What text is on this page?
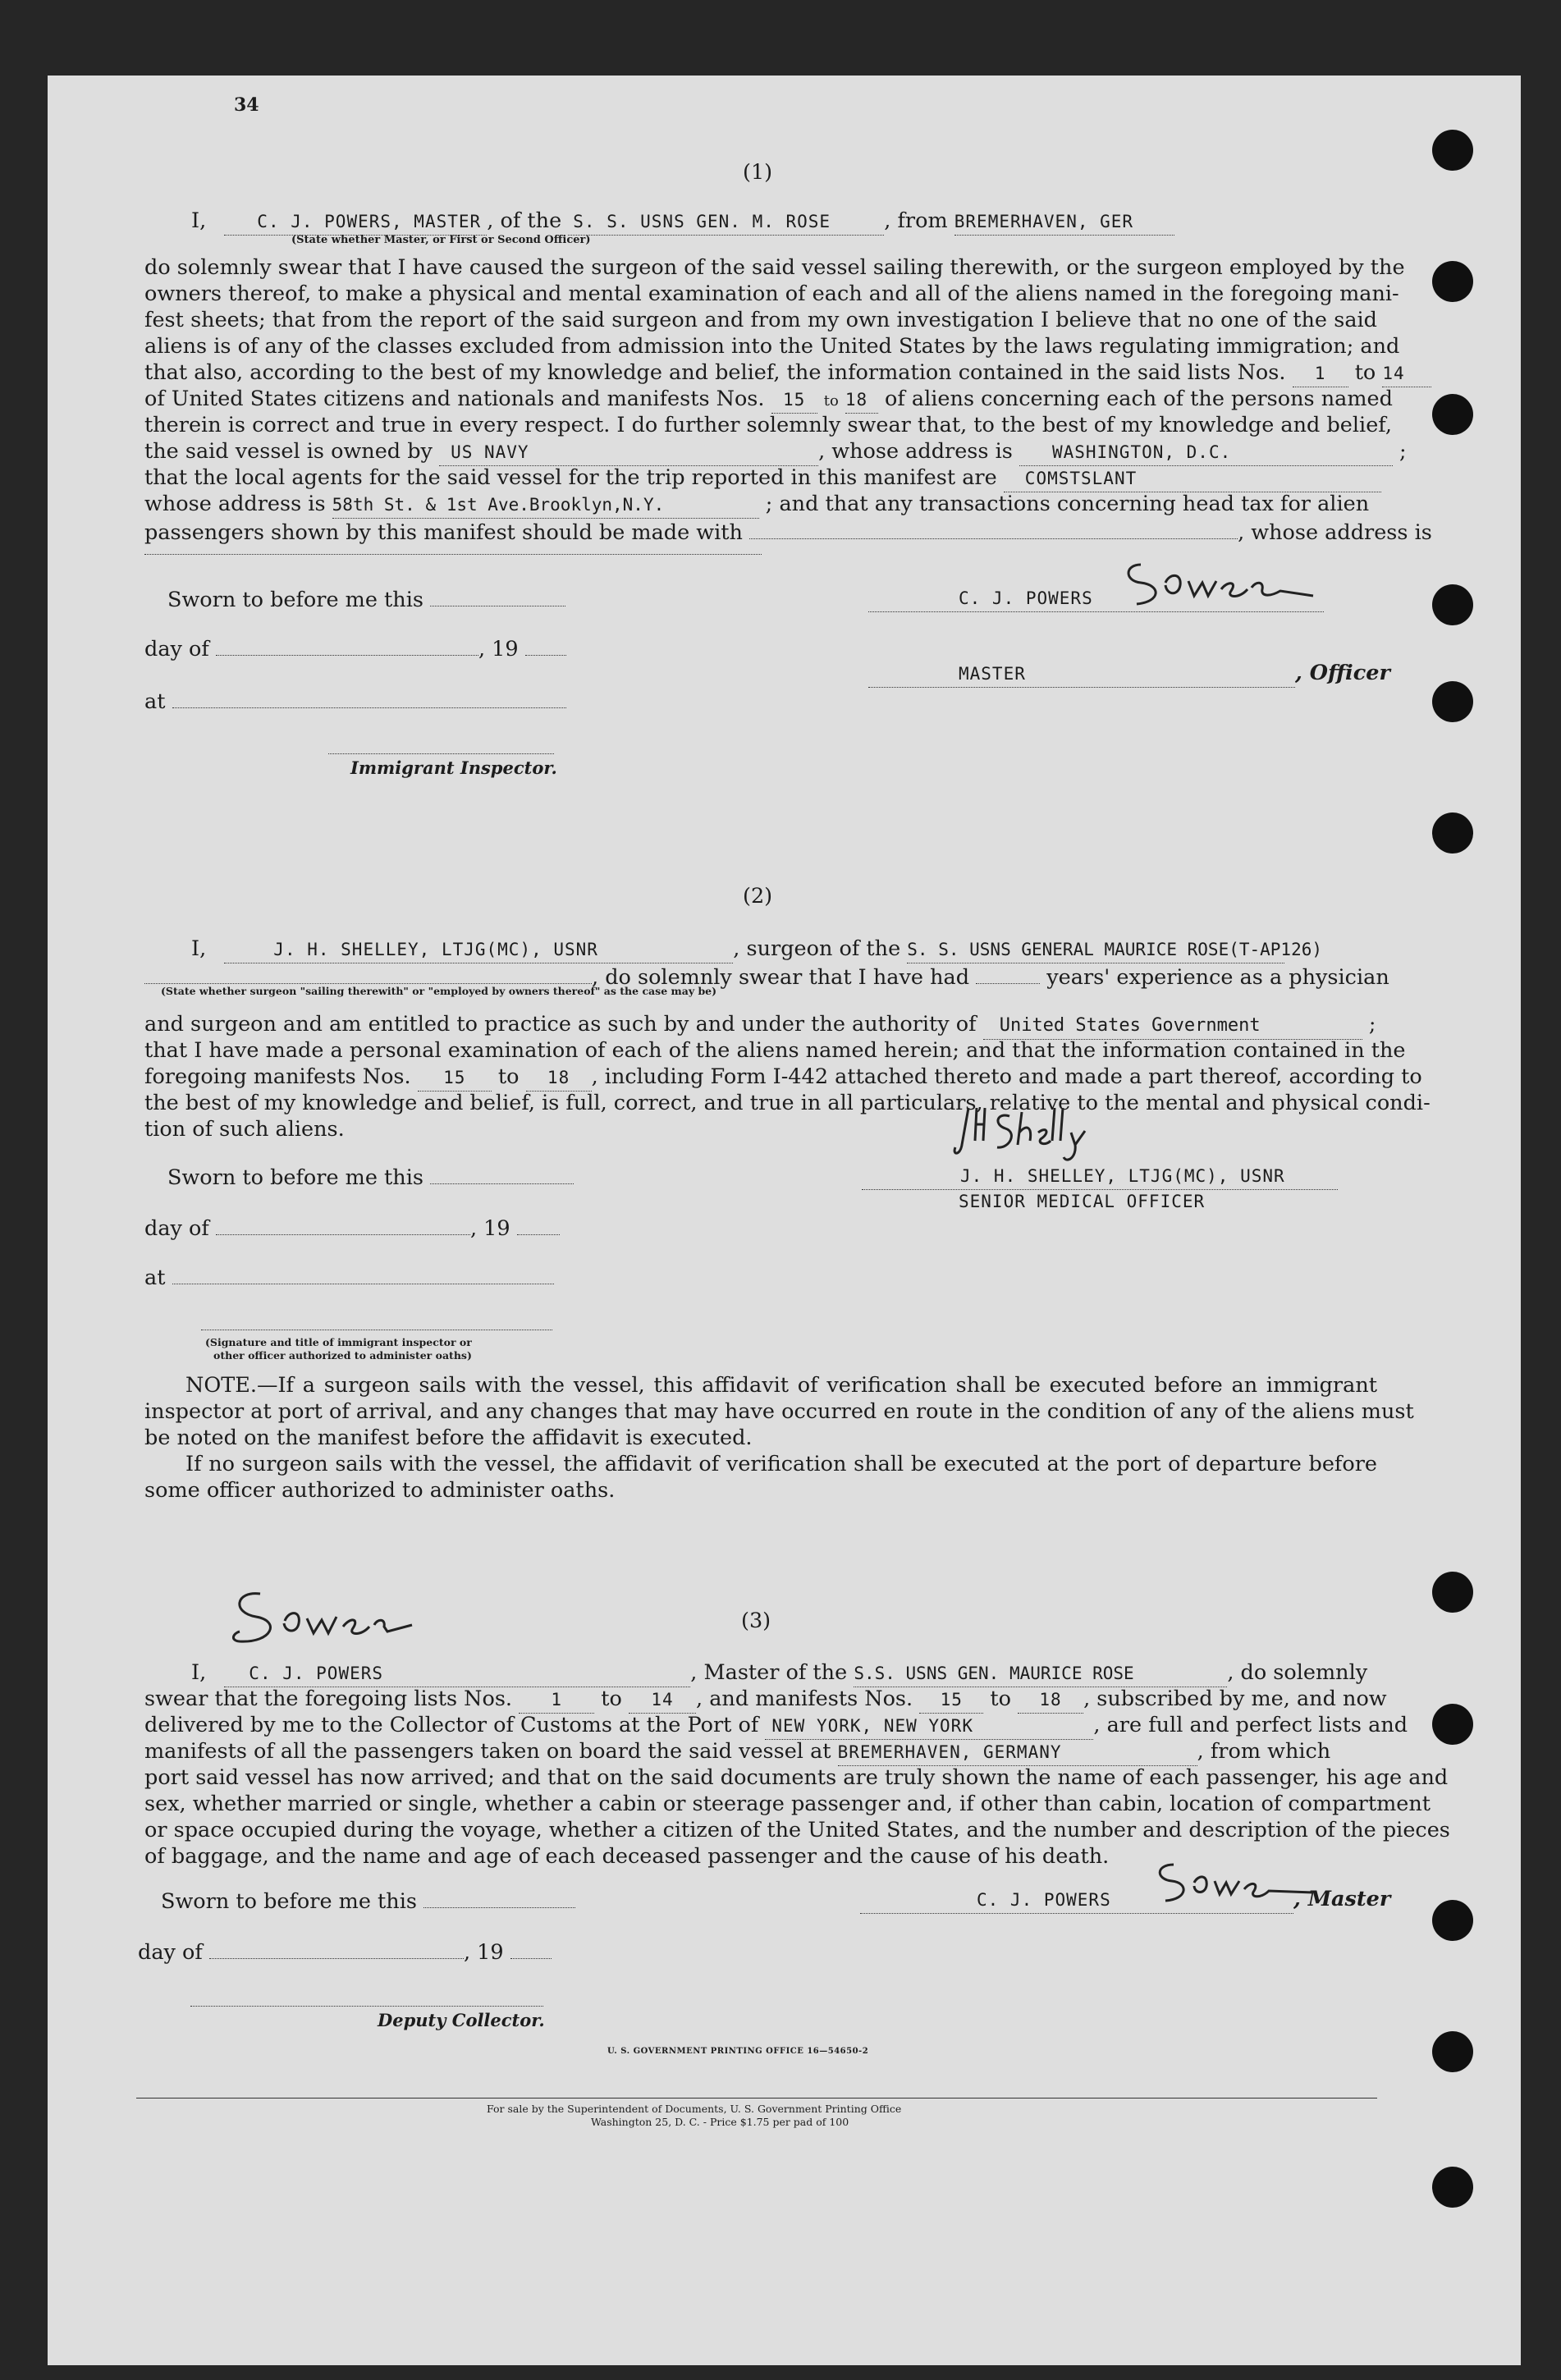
34
(1)
I,	C. J. POWERS, MASTER , of the S. S. USNS GEN. M. ROSE	, from BREMERHAVEN, GER
(State whether Master, or First or Second Officer)
do solemnly swear that I have caused the surgeon of the said vessel sailing therewith, or the surgeon employed by the
owners thereof, to make a physical and mental examination of each and all of the aliens named in the foregoing mani-
fest sheets; that from the report of the said surgeon and from my own investigation I believe that no one of the said
aliens is of any of the classes excluded from admission into the United States by the laws regulating immigration; and
that also, according to the best of my knowledge and belief, the information contained in the said lists Nos. 1 to 14
of United States citizens and nationals and manifests Nos. 15 to 18 of aliens concerning each of the persons named
therein is correct and true in every respect. I do further solemnly swear that, to the best of my knowledge and belief,
the said vessel is owned by US NAVY	, whose address is WASHINGTON, D.C.	;
that the local agents for the said vessel for the trip reported in this manifest are COMSTSLANT
whose address is 58th St. & 1st Ave.Brooklyn,N.Y.	; and that any transactions concerning head tax for alien
passengers shown by this manifest should be made with	, whose address is
Sworn to before me this
day of	, 19
at
Immigrant Inspector.
C. J. POWERS
MASTER	, Officer
(2)
I,	J. H. SHELLEY, LTJG(MC), USNR	, surgeon of the S. S. USNS GENERAL MAURICE ROSE(T-AP126)
, do solemnly swear that I have had	years' experience as a physician
(State whether surgeon "sailing therewith" or "employed by owners thereof" as the case may be)
and surgeon and am entitled to practice as such by and under the authority of United States Government	;
that I have made a personal examination of each of the aliens named herein; and that the information contained in the
foregoing manifests Nos. 15 to 18 , including Form I-442 attached thereto and made a part thereof, according to
the best of my knowledge and belief, is full, correct, and true in all particulars, relative to the mental and physical condi-
tion of such aliens.
Sworn to before me this	J. H. SHELLEY, LTJG(MC), USNR
SENIOR MEDICAL OFFICER
day of	, 19
at
(Signature and title of immigrant inspector or
other officer authorized to administer oaths)
NOTE.—If a surgeon sails with the vessel, this affidavit of verification shall be executed before an immigrant
inspector at port of arrival, and any changes that may have occurred en route in the condition of any of the aliens must
be noted on the manifest before the affidavit is executed.
If no surgeon sails with the vessel, the affidavit of verification shall be executed at the port of departure before
some officer authorized to administer oaths.
(3)
I, C. J. POWERS	, Master of the S.S. USNS GEN. MAURICE ROSE	, do solemnly
swear that the foregoing lists Nos. 1 to 14 , and manifests Nos. 15 to 18 , subscribed by me, and now
delivered by me to the Collector of Customs at the Port of NEW YORK, NEW YORK	, are full and perfect lists and
manifests of all the passengers taken on board the said vessel at BREMERHAVEN, GERMANY	, from which
port said vessel has now arrived; and that on the said documents are truly shown the name of each passenger, his age and
sex, whether married or single, whether a cabin or steerage passenger and, if other than cabin, location of compartment
or space occupied during the voyage, whether a citizen of the United States, and the number and description of the pieces
of baggage, and the name and age of each deceased passenger and the cause of his death.
Sworn to before me this	C. J. POWERS	, Master
day of	, 19
Deputy Collector.
U. S. GOVERNMENT PRINTING OFFICE 16—54650-2
For sale by the Superintendent of Documents, U. S. Government Printing Office
Washington 25, D. C. - Price $1.75 per pad of 100
